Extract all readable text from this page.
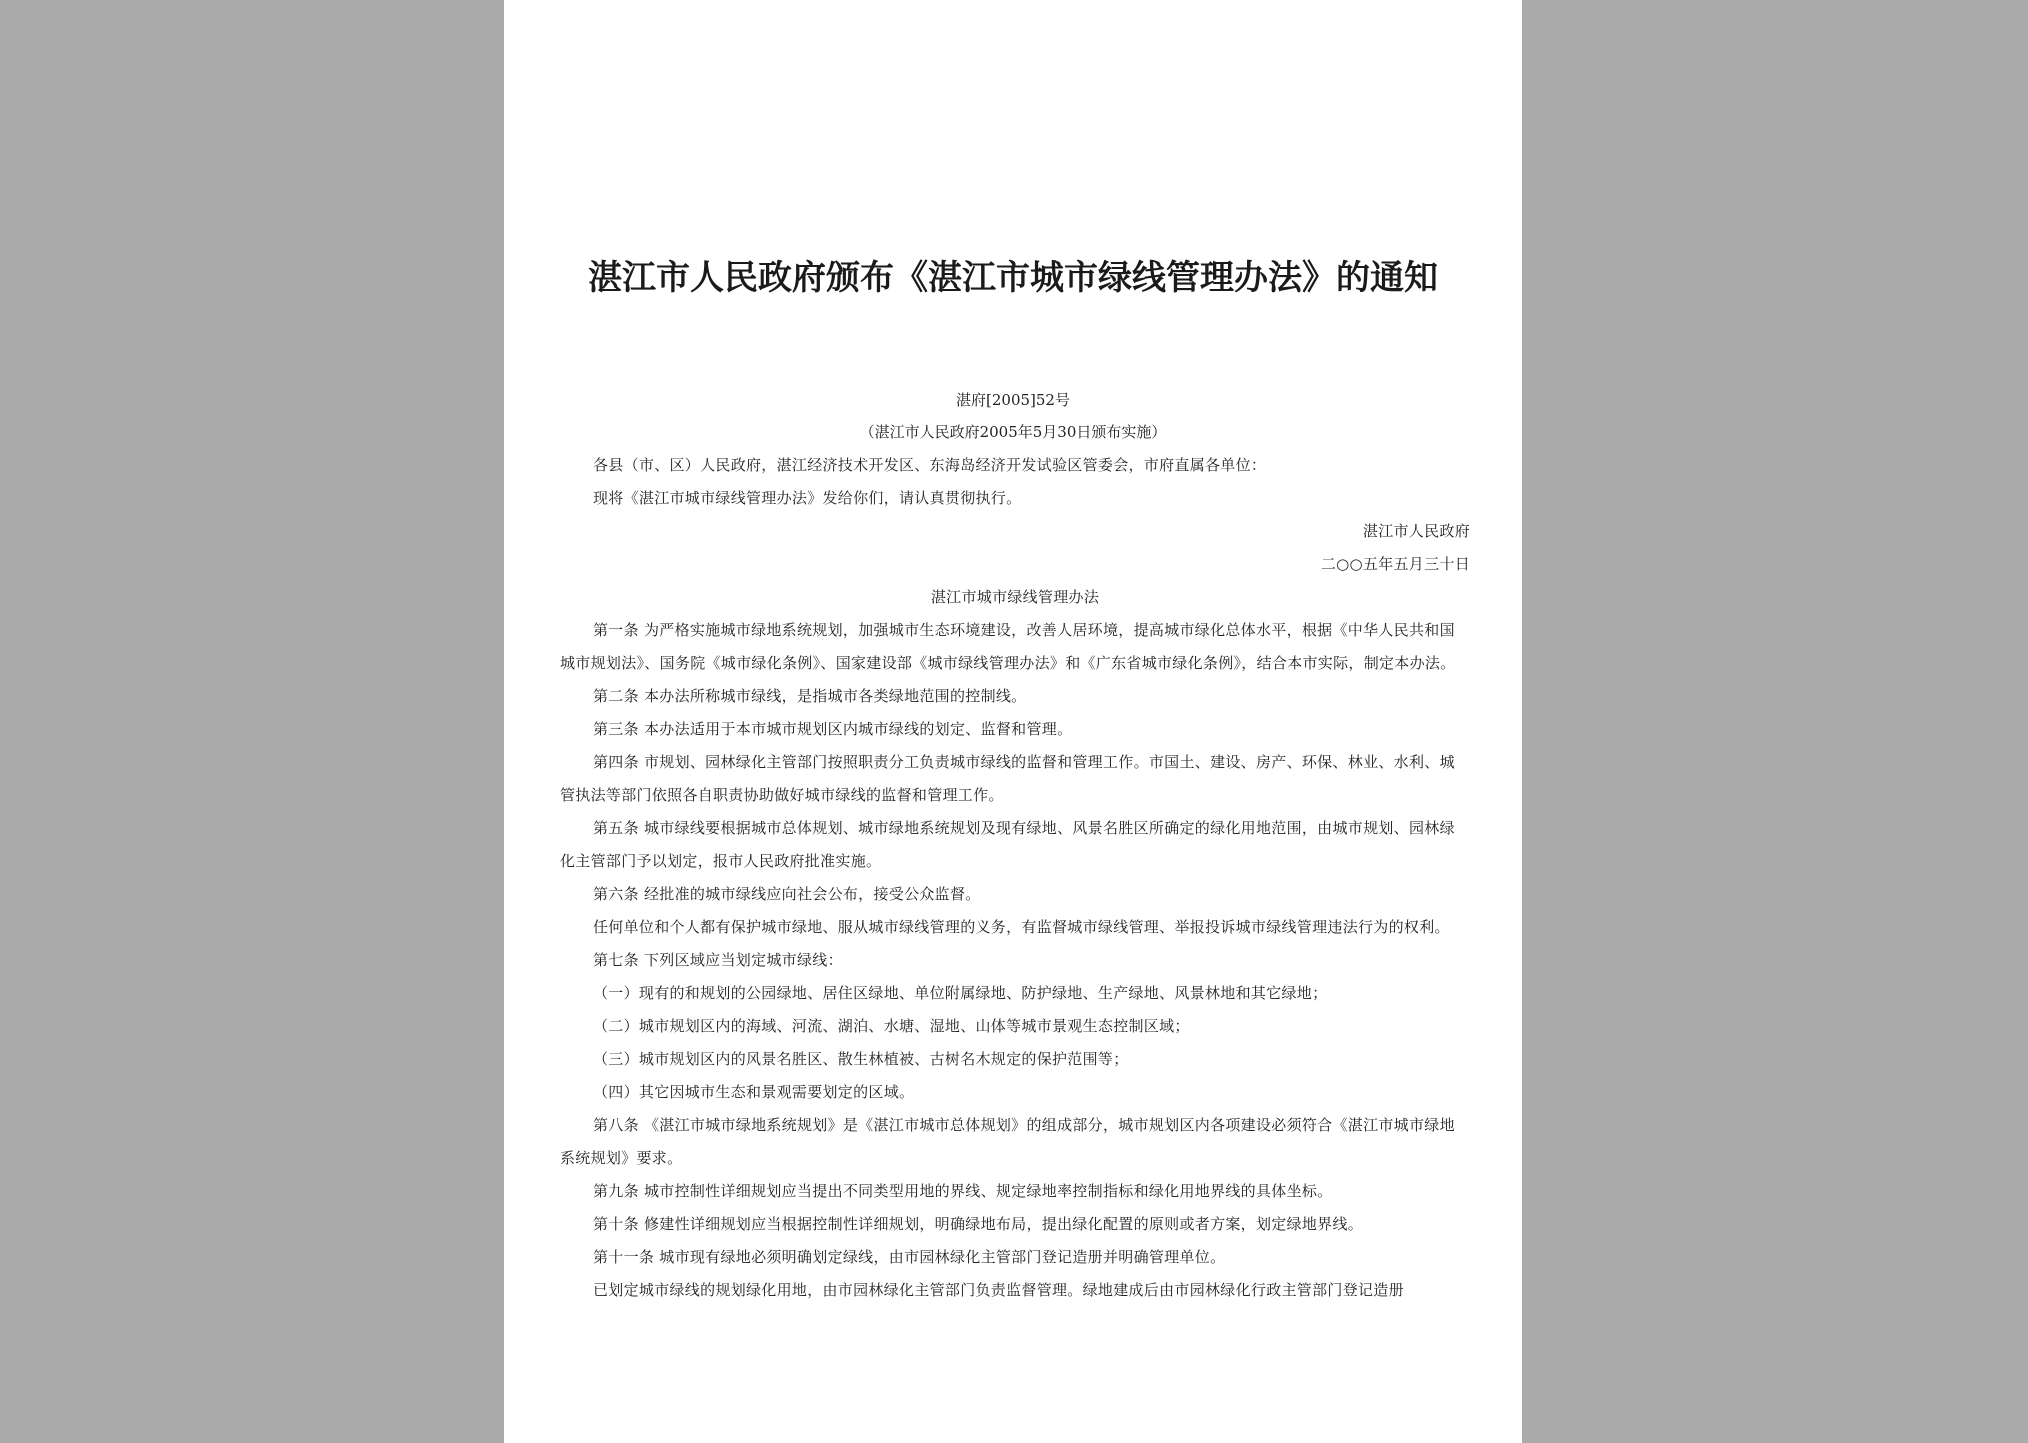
湛江市人民政府颁布《湛江市城市绿线管理办法》的通知
湛府[2005]52号
（湛江市人民政府2005年5月30日颁布实施）

各县（市、区）人民政府，湛江经济技术开发区、东海岛经济开发试验区管委会，市府直属各单位：

现将《湛江市城市绿线管理办法》发给你们，请认真贯彻执行。

湛江市人民政府

二○○五年五月三十日

湛江市城市绿线管理办法

第一条 为严格实施城市绿地系统规划，加强城市生态环境建设，改善人居环境，提高城市绿化总体水平，根据《中华人民共和国城市规划法》、国务院《城市绿化条例》、国家建设部《城市绿线管理办法》和《广东省城市绿化条例》，结合本市实际，制定本办法。

第二条 本办法所称城市绿线，是指城市各类绿地范围的控制线。

第三条 本办法适用于本市城市规划区内城市绿线的划定、监督和管理。

第四条 市规划、园林绿化主管部门按照职责分工负责城市绿线的监督和管理工作。市国土、建设、房产、环保、林业、水利、城管执法等部门依照各自职责协助做好城市绿线的监督和管理工作。

第五条 城市绿线要根据城市总体规划、城市绿地系统规划及现有绿地、风景名胜区所确定的绿化用地范围，由城市规划、园林绿化主管部门予以划定，报市人民政府批准实施。

第六条 经批准的城市绿线应向社会公布，接受公众监督。

任何单位和个人都有保护城市绿地、服从城市绿线管理的义务，有监督城市绿线管理、举报投诉城市绿线管理违法行为的权利。

第七条 下列区域应当划定城市绿线：

（一）现有的和规划的公园绿地、居住区绿地、单位附属绿地、防护绿地、生产绿地、风景林地和其它绿地；

（二）城市规划区内的海域、河流、湖泊、水塘、湿地、山体等城市景观生态控制区域；

（三）城市规划区内的风景名胜区、散生林植被、古树名木规定的保护范围等；

（四）其它因城市生态和景观需要划定的区域。

第八条 《湛江市城市绿地系统规划》是《湛江市城市总体规划》的组成部分，城市规划区内各项建设必须符合《湛江市城市绿地系统规划》要求。

第九条 城市控制性详细规划应当提出不同类型用地的界线、规定绿地率控制指标和绿化用地界线的具体坐标。

第十条 修建性详细规划应当根据控制性详细规划，明确绿地布局，提出绿化配置的原则或者方案，划定绿地界线。

第十一条 城市现有绿地必须明确划定绿线，由市园林绿化主管部门登记造册并明确管理单位。

已划定城市绿线的规划绿化用地，由市园林绿化主管部门负责监督管理。绿地建成后由市园林绿化行政主管部门登记造册
